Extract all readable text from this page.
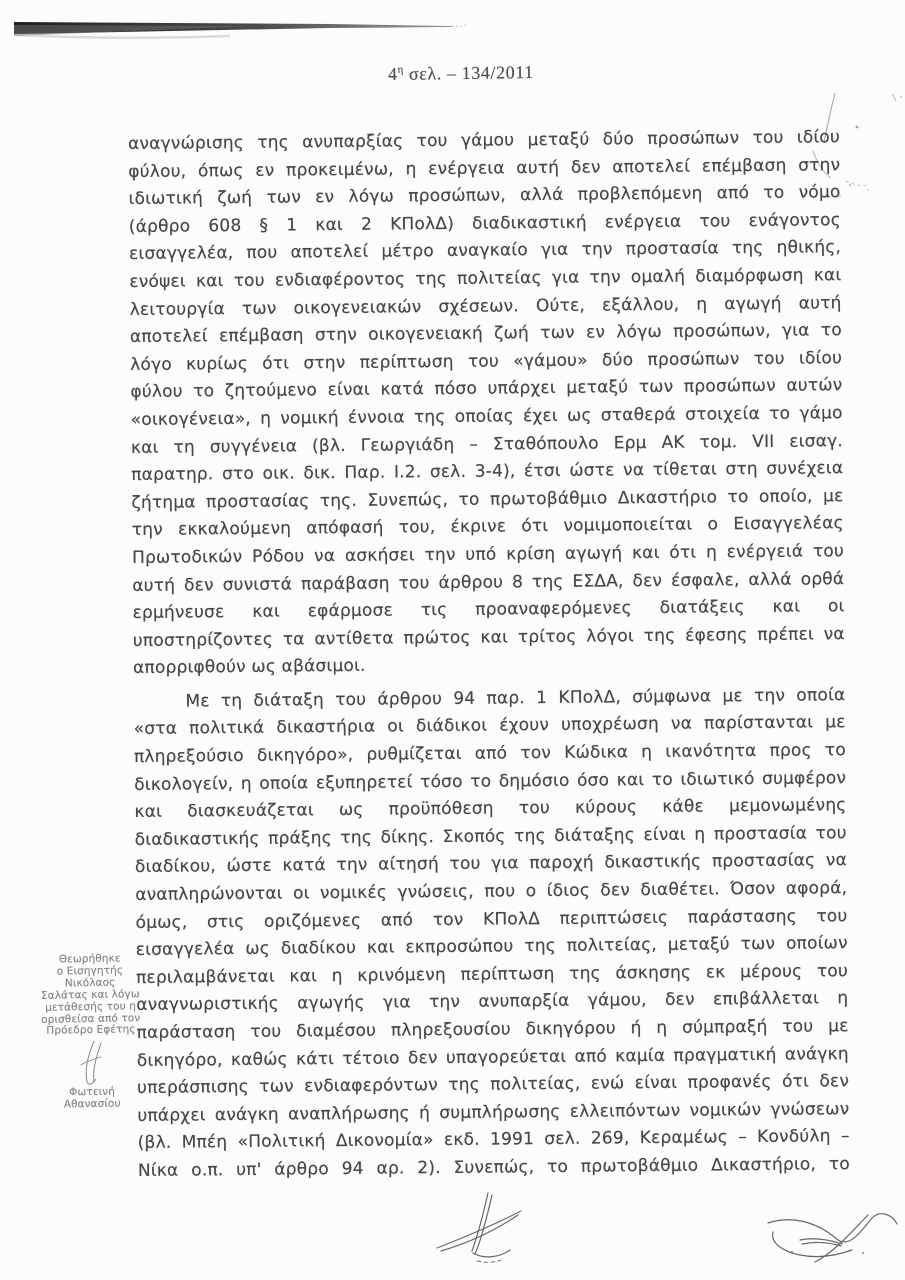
$4^\eta$ σελ. – 134/2011
αναγνώρισης της ανυπαρξίας του γάμου μεταξύ δύο προσώπων του ιδίου
φύλου, όπως εν προκειμένω, η ενέργεια αυτή δεν αποτελεί επέμβαση στην
ιδιωτική ζωή των εν λόγω προσώπων, αλλά προβλεπόμενη από το νόμο
(άρθρο 608 § 1 και 2 ΚΠολΔ) διαδικαστική ενέργεια του ενάγοντος
εισαγγελέα, που αποτελεί μέτρο αναγκαίο για την προστασία της ηθικής,
ενόψει και του ενδιαφέροντος της πολιτείας για την ομαλή διαμόρφωση και
λειτουργία των οικογενειακών σχέσεων. Ούτε, εξάλλου, η αγωγή αυτή
αποτελεί επέμβαση στην οικογενειακή ζωή των εν λόγω προσώπων, για το
λόγο κυρίως ότι στην περίπτωση του «γάμου» δύο προσώπων του ιδίου
φύλου το ζητούμενο είναι κατά πόσο υπάρχει μεταξύ των προσώπων αυτών
«οικογένεια», η νομική έννοια της οποίας έχει ως σταθερά στοιχεία το γάμο
και τη συγγένεια (βλ. Γεωργιάδη – Σταθόπουλο Ερμ ΑΚ τομ. VII εισαγ.
παρατηρ. στο οικ. δικ. Παρ. Ι.2. σελ. 3-4), έτσι ώστε να τίθεται στη συνέχεια
ζήτημα προστασίας της. Συνεπώς, το πρωτοβάθμιο Δικαστήριο το οποίο, με
την εκκαλούμενη απόφασή του, έκρινε ότι νομιμοποιείται ο Εισαγγελέας
Πρωτοδικών Ρόδου να ασκήσει την υπό κρίση αγωγή και ότι η ενέργειά του
αυτή δεν συνιστά παράβαση του άρθρου 8 της ΕΣΔΑ, δεν έσφαλε, αλλά ορθά
ερμήνευσε και εφάρμοσε τις προαναφερόμενες διατάξεις και οι
υποστηρίζοντες τα αντίθετα πρώτος και τρίτος λόγοι της έφεσης πρέπει να
απορριφθούν ως αβάσιμοι.
Με τη διάταξη του άρθρου 94 παρ. 1 ΚΠολΔ, σύμφωνα με την οποία
«στα πολιτικά δικαστήρια οι διάδικοι έχουν υποχρέωση να παρίστανται με
πληρεξούσιο δικηγόρο», ρυθμίζεται από τον Κώδικα η ικανότητα προς το
δικολογείν, η οποία εξυπηρετεί τόσο το δημόσιο όσο και το ιδιωτικό συμφέρον
και διασκευάζεται ως προϋπόθεση του κύρους κάθε μεμονωμένης
διαδικαστικής πράξης της δίκης. Σκοπός της διάταξης είναι η προστασία του
διαδίκου, ώστε κατά την αίτησή του για παροχή δικαστικής προστασίας να
αναπληρώνονται οι νομικές γνώσεις, που ο ίδιος δεν διαθέτει. Όσον αφορά,
όμως, στις οριζόμενες από τον ΚΠολΔ περιπτώσεις παράστασης του
εισαγγελέα ως διαδίκου και εκπροσώπου της πολιτείας, μεταξύ των οποίων
περιλαμβάνεται και η κρινόμενη περίπτωση της άσκησης εκ μέρους του
αναγνωριστικής αγωγής για την ανυπαρξία γάμου, δεν επιβάλλεται η
παράσταση του διαμέσου πληρεξουσίου δικηγόρου ή η σύμπραξή του με
δικηγόρο, καθώς κάτι τέτοιο δεν υπαγορεύεται από καμία πραγματική ανάγκη
υπεράσπισης των ενδιαφερόντων της πολιτείας, ενώ είναι προφανές ότι δεν
υπάρχει ανάγκη αναπλήρωσης ή συμπλήρωσης ελλειπόντων νομικών γνώσεων
(βλ. Μπέη «Πολιτική Δικονομία» εκδ. 1991 σελ. 269, Κεραμέως – Κονδύλη –
Νίκα ο.π. υπ' άρθρο 94 αρ. 2). Συνεπώς, το πρωτοβάθμιο Δικαστήριο, το
Θεωρήθηκε
ο Εισηγητής
Νικόλαος
Σαλάτας και λόγω
μετάθεσής του η
ορισθείσα από τον
Πρόεδρο Εφέτης
Φωτεινή
Αθανασίου
